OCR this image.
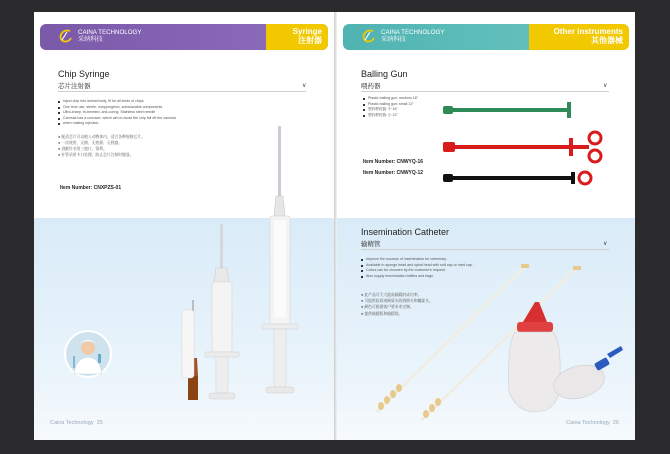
CAINA TECHNOLOGY
采纳科技
Syringe
注射器
Chip Syringe
芯片注射器	∨
Inject chip into animal body, fit for all kinds of chips.
One time use, sterile, nonpyrogenic, autoclavable components
Ultra-sharp, tri-beveled, anti-coring, Stainless steel needle
Cannula has a concave, which aim to avoid the chip fall off the cannula
when making injection.
● 配适芯片可以植入动物体内，适合各种规格芯片。
● 一次使用，无菌，无热源，无致癌。
● 进献针采用三棱口，锋利。
● 针管采用卡口处理，防止芯片注射时脱落。
Item Number: CNXPZS-01
Caina Technology 25
CAINA TECHNOLOGY
采纳科技
Other instruments
其他器械
Balling Gun
喂药器	∨
Plastic balling gun: medium 16"
Plastic balling gun: small 12"
塑料喂药器: 中 16"
塑料喂药器: 小 12"
Item Number: CNWYQ-16
Item Number: CNWYQ-12
Insemination Catheter
输精管	∨
Improve the success of insemination for veterinary.
Available in sponge head and spiral head with soft cap or hard cap.
Colors can be choosen by the customer's request.
Also supply insemination bottles and bags.
● 此产品可大大提高输精的成功率。
● 可提供软质或硬质头的海绵头和螺旋头。
● 颜色可根据客户要求来定制。
● 提供输精瓶和输精袋。
Caina Technology 26
